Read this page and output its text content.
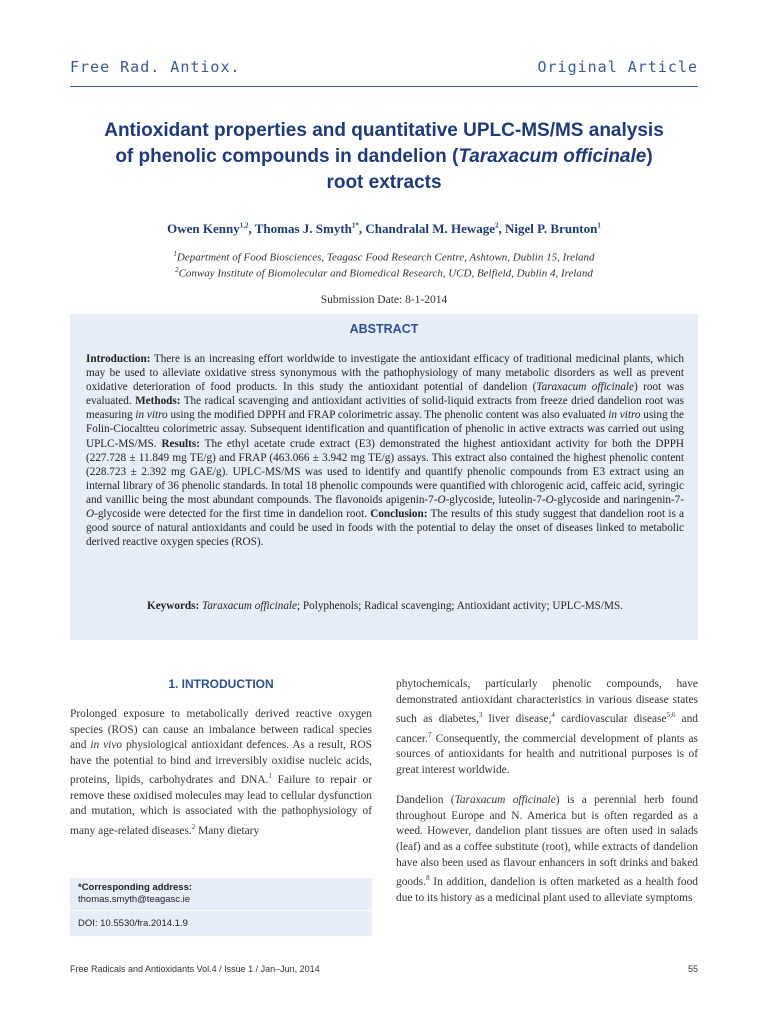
Free Rad. Antiox.	Original Article
Antioxidant properties and quantitative UPLC-MS/MS analysis
of phenolic compounds in dandelion (Taraxacum officinale)
root extracts
Owen Kenny$^{1,2}$, Thomas J. Smyth$^{1*}$, Chandralal M. Hewage$^2$, Nigel P. Brunton$^1$
$^1$Department of Food Biosciences, Teagasc Food Research Centre, Ashtown, Dublin 15, Ireland
$^2$Conway Institute of Biomolecular and Biomedical Research, UCD, Belfield, Dublin 4, Ireland
Submission Date: 8-1-2014
ABSTRACT
Introduction: There is an increasing effort worldwide to investigate the antioxidant efficacy of traditional medicinal plants, which may be used to alleviate oxidative stress synonymous with the pathophysiology of many metabolic disorders as well as prevent oxidative deterioration of food products. In this study the antioxidant potential of dandelion (Taraxacum officinale) root was evaluated. Methods: The radical scavenging and antioxidant activities of solid-liquid extracts from freeze dried dandelion root was measuring in vitro using the modified DPPH and FRAP colorimetric assay. The phenolic content was also evaluated in vitro using the Folin-Ciocaltteu colorimetric assay. Subsequent identification and quantification of phenolic in active extracts was carried out using UPLC-MS/MS. Results: The ethyl acetate crude extract (E3) demonstrated the highest antioxidant activity for both the DPPH (227.728 ± 11.849 mg TE/g) and FRAP (463.066 ± 3.942 mg TE/g) assays. This extract also contained the highest phenolic content (228.723 ± 2.392 mg GAE/g). UPLC-MS/MS was used to identify and quantify phenolic compounds from E3 extract using an internal library of 36 phenolic standards. In total 18 phenolic compounds were quantified with chlorogenic acid, caffeic acid, syringic and vanillic being the most abundant compounds. The flavonoids apigenin-7-O-glycoside, luteolin-7-O-glycoside and naringenin-7-O-glycoside were detected for the first time in dandelion root. Conclusion: The results of this study suggest that dandelion root is a good source of natural antioxidants and could be used in foods with the potential to delay the onset of diseases linked to metabolic derived reactive oxygen species (ROS).
Keywords: Taraxacum officinale; Polyphenols; Radical scavenging; Antioxidant activity; UPLC-MS/MS.
1. INTRODUCTION
Prolonged exposure to metabolically derived reactive oxygen species (ROS) can cause an imbalance between radical species and in vivo physiological antioxidant defences. As a result, ROS have the potential to bind and irreversibly oxidise nucleic acids, proteins, lipids, carbohydrates and DNA.$^1$ Failure to repair or remove these oxidised molecules may lead to cellular dysfunction and mutation, which is associated with the pathophysiology of many age-related diseases.$^2$ Many dietary
*Corresponding address:
thomas.smyth@teagasc.ie
DOI: 10.5530/fra.2014.1.9
phytochemicals, particularly phenolic compounds, have demonstrated antioxidant characteristics in various disease states such as diabetes,$^3$ liver disease,$^4$ cardiovascular disease$^{5,6}$ and cancer.$^7$ Consequently, the commercial development of plants as sources of antioxidants for health and nutritional purposes is of great interest worldwide.
Dandelion (Taraxacum officinale) is a perennial herb found throughout Europe and N. America but is often regarded as a weed. However, dandelion plant tissues are often used in salads (leaf) and as a coffee substitute (root), while extracts of dandelion have also been used as flavour enhancers in soft drinks and baked goods.$^8$ In addition, dandelion is often marketed as a health food due to its history as a medicinal plant used to alleviate symptoms
Free Radicals and Antioxidants Vol.4 / Issue 1 / Jan–Jun, 2014	55
